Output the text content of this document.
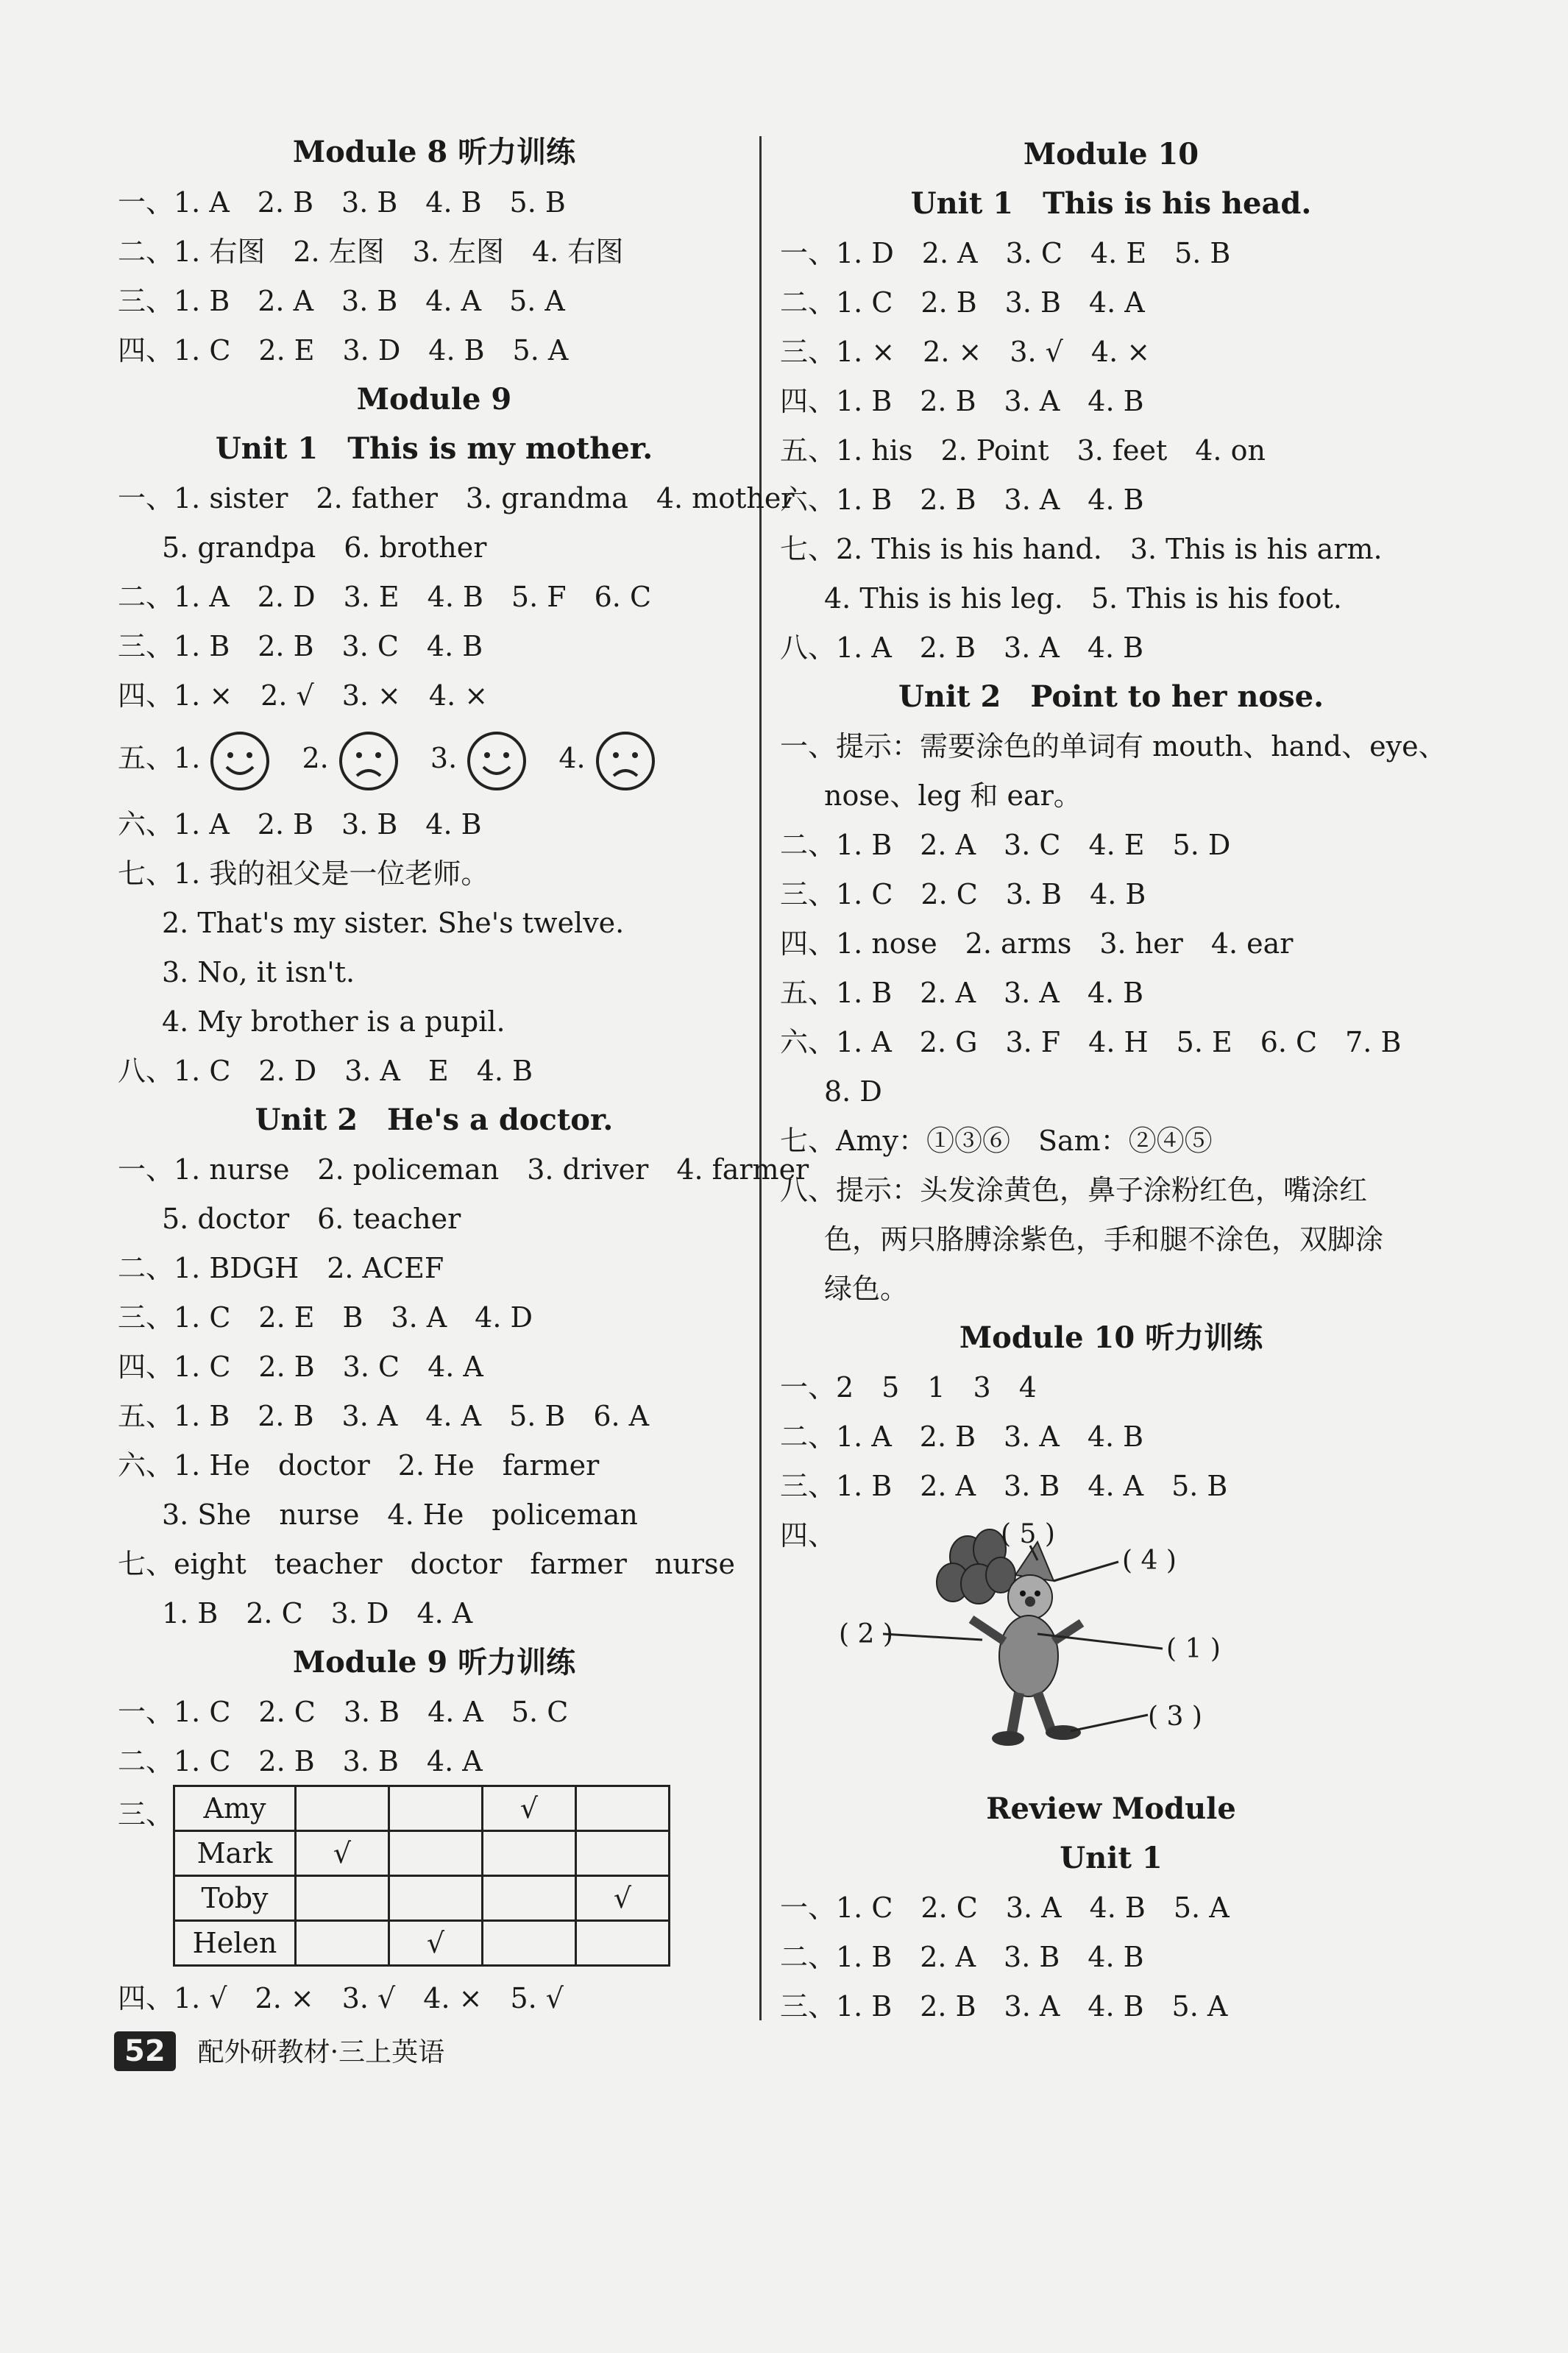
Module 8 听力训练
一、1. A　2. B　3. B　4. B　5. B
二、1. 右图　2. 左图　3. 左图　4. 右图
三、1. B　2. A　3. B　4. A　5. A
四、1. C　2. E　3. D　4. B　5. A
Module 9
Unit 1　This is my mother.
一、1. sister　2. father　3. grandma　4. mother
5. grandpa　6. brother
二、1. A　2. D　3. E　4. B　5. F　6. C
三、1. B　2. B　3. C　4. B
四、1. ×　2. √　3. ×　4. ×
五、1.	2.	3.	4.
六、1. A　2. B　3. B　4. B
七、1. 我的祖父是一位老师。
2. That's my sister. She's twelve.
3. No, it isn't.
4. My brother is a pupil.
八、1. C　2. D　3. A　E　4. B
Unit 2　He's a doctor.
一、1. nurse　2. policeman　3. driver　4. farmer
5. doctor　6. teacher
二、1. BDGH　2. ACEF
三、1. C　2. E　B　3. A　4. D
四、1. C　2. B　3. C　4. A
五、1. B　2. B　3. A　4. A　5. B　6. A
六、1. He　doctor　2. He　farmer
3. She　nurse　4. He　policeman
七、eight　teacher　doctor　farmer　nurse
1. B　2. C　3. D　4. A
Module 9 听力训练
一、1. C　2. C　3. B　4. A　5. C
二、1. C　2. B　3. B　4. A
三、 Amy			√	
Mark	√			
Toby				√
Helen		√		
四、1. √　2. ×　3. √　4. ×　5. √
Module 10
Unit 1　This is his head.
一、1. D　2. A　3. C　4. E　5. B
二、1. C　2. B　3. B　4. A
三、1. ×　2. ×　3. √　4. ×
四、1. B　2. B　3. A　4. B
五、1. his　2. Point　3. feet　4. on
六、1. B　2. B　3. A　4. B
七、2. This is his hand.　3. This is his arm.
4. This is his leg.　5. This is his foot.
八、1. A　2. B　3. A　4. B
Unit 2　Point to her nose.
一、提示：需要涂色的单词有 mouth、hand、eye、
nose、leg 和 ear。
二、1. B　2. A　3. C　4. E　5. D
三、1. C　2. C　3. B　4. B
四、1. nose　2. arms　3. her　4. ear
五、1. B　2. A　3. A　4. B
六、1. A　2. G　3. F　4. H　5. E　6. C　7. B
8. D
七、Amy：①③⑥　Sam：②④⑤
八、提示：头发涂黄色，鼻子涂粉红色，嘴涂红
色，两只胳膊涂紫色，手和腿不涂色，双脚涂
绿色。
Module 10 听力训练
一、2　5　1　3　4
二、1. A　2. B　3. A　4. B
三、1. B　2. A　3. B　4. A　5. B
四、	( 5 )
( 4 )
( 2 )	( 1 )
( 3 )
Review Module
Unit 1
一、1. C　2. C　3. A　4. B　5. A
二、1. B　2. A　3. B　4. B
三、1. B　2. B　3. A　4. B　5. A
52 配外研教材·三上英语
